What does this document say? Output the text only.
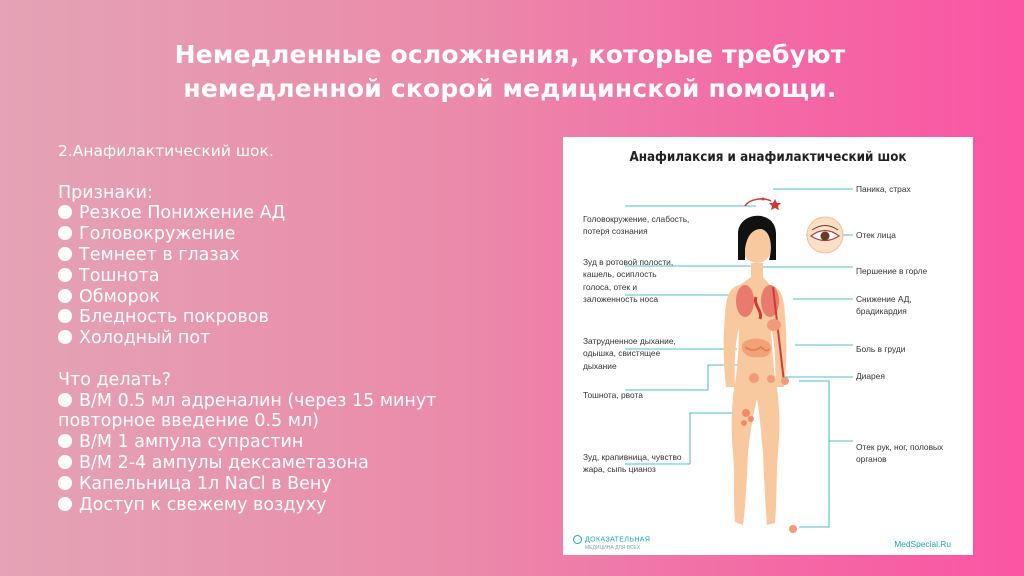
Немедленные осложнения, которые требуют
немедленной скорой медицинской помощи.
2.Анафилактический шок.
Признаки:
Резкое Понижение АД
Головокружение
Темнеет в глазах
Тошнота
Обморок
Бледность покровов
Холодный пот
Что делать?
В/М 0.5 мл адреналин (через 15 минут
повторное введение 0.5 мл)
В/М 1 ампула супрастин
В/М 2-4 ампулы дексаметазона
Капельница 1л NaCl в Вену
Доступ к свежему воздуху
Анафилаксия и анафилактический шок
Головокружение, слабость, потеря сознания
Зуд в ротовой полости, кашель, осиплость голоса, отек и заложенность носа
Затрудненное дыхание, одышка, свистящее дыхание
Тошнота, рвота
Зуд, крапивница, чувство жара, сыпь цианоз
Паника, страх
Отек лица
Першение в горле
Снижение АД, брадикардия
Боль в груди
Диарея
Отек рук, ног, половых органов
ДОКАЗАТЕЛЬНАЯ
МЕДИЦИНА ДЛЯ ВСЕХ	MedSpecial.Ru
